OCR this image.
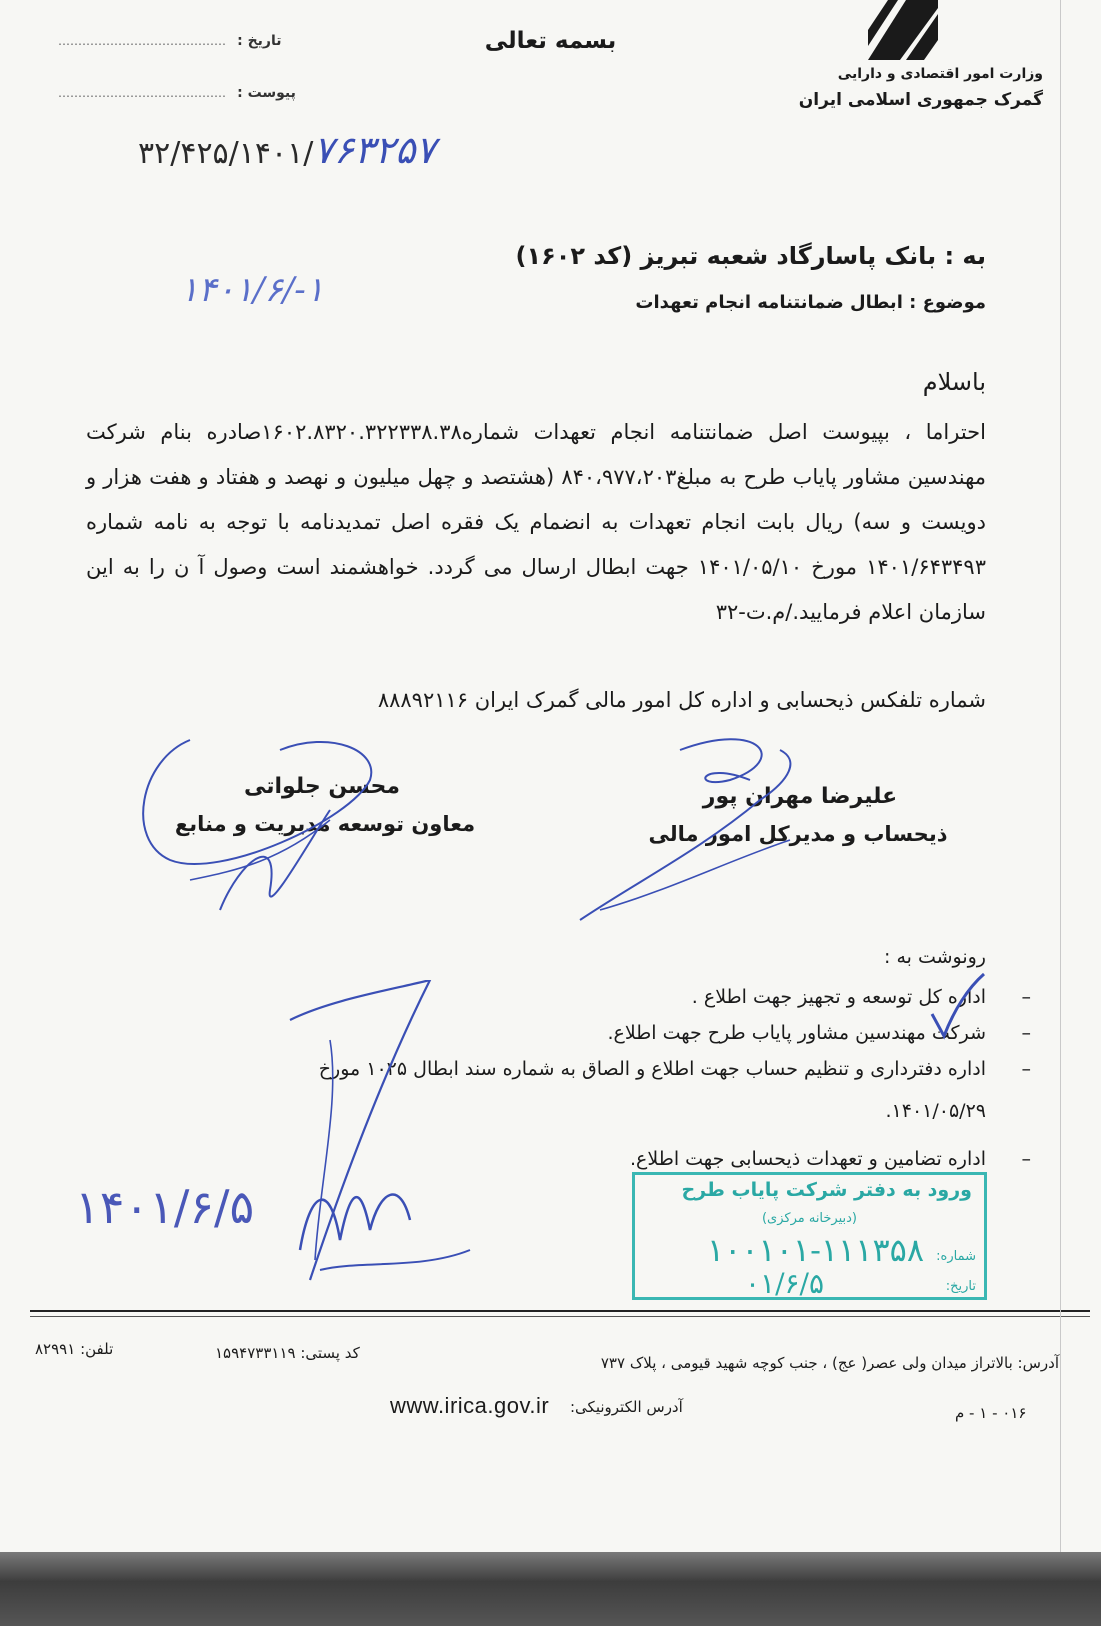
بسمه تعالی
وزارت امور اقتصادی و دارایی
گمرک جمهوری اسلامی ایران
…………………………………… تاریخ :
…………………………………… پیوست :
۳۲/۴۲۵/۱۴۰۱/۷۶۳۲۵۷
به : بانک پاسارگاد شعبه تبریز (کد ۱۶۰۲)
موضوع : ابطال ضمانتنامه انجام تعهدات
۱۴۰۱/۶/-۱
باسلام
احتراما ، بپیوست اصل ضمانتنامه انجام تعهدات شماره۱۶۰۲.۸۳۲۰.۳۲۲۳۳۸.۳۸صادره بنام شرکت مهندسین مشاور پایاب طرح به مبلغ۸۴۰،۹۷۷،۲۰۳ (هشتصد و چهل میلیون و نهصد و هفتاد و هفت هزار و دویست و سه) ریال بابت انجام تعهدات به انضمام یک فقره اصل تمدیدنامه با توجه به نامه شماره ۱۴۰۱/۶۴۳۴۹۳ مورخ ۱۴۰۱/۰۵/۱۰ جهت ابطال ارسال می گردد. خواهشمند است وصول آ ن را به این سازمان اعلام فرمایید./م.ت-۳۲
شماره تلفکس ذیحسابی و اداره کل امور مالی گمرک ایران ۸۸۸۹۲۱۱۶
علیرضا مهران پور
ذیحساب و مدیرکل امور مالی
محسن جلواتی
معاون توسعه مدیریت و منابع
رونوشت به :
–
اداره کل توسعه و تجهیز جهت اطلاع .
–
شرکت مهندسین مشاور پایاب طرح جهت اطلاع.
–
اداره دفترداری و تنظیم حساب جهت اطلاع و الصاق به شماره سند ابطال ۱۰۲۵ مورخ
.۱۴۰۱/۰۵/۲۹
–
اداره تضامین و تعهدات ذیحسابی جهت اطلاع.
۱۴۰۱/۶/۵	ورود به دفتر شرکت پایاب طرح
(دبیرخانه مرکزی)
شماره:
تاریخ:
۱۰۰۱۰۱-۱۱۱۳۵۸
۰۱/۶/۵
آدرس: بالاتراز میدان ولی عصر( عج) ، جنب کوچه شهید قیومی ، پلاک ۷۳۷
کد پستی: ۱۵۹۴۷۳۳۱۱۹
تلفن: ۸۲۹۹۱
آدرس الکترونیکی:
www.irica.gov.ir	۰۱۶ - ۱ - م
